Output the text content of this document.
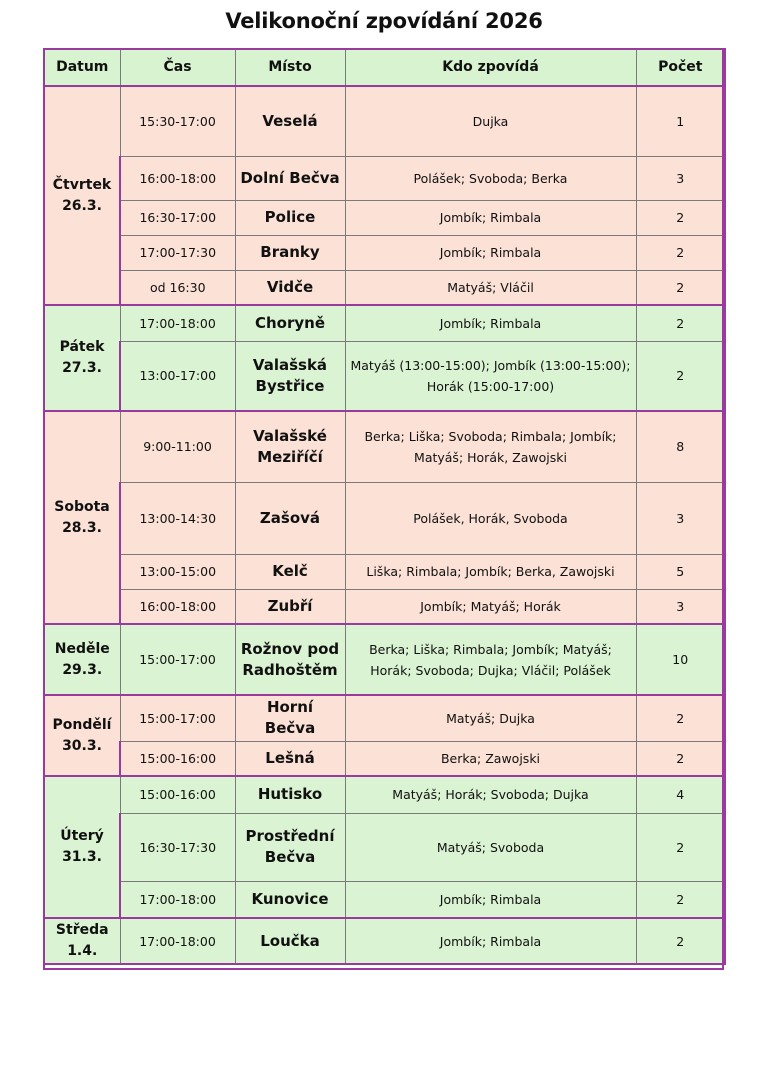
Velikonoční zpovídání 2026
Datum	Čas	Místo	Kdo zpovídá	Počet

Čtvrtek
26.3.	15:30-17:00	Veselá	Dujka	1
	16:00-18:00	Dolní Bečva	Polášek; Svoboda; Berka	3
	16:30-17:00	Police	Jombík; Rimbala	2
	17:00-17:30	Branky	Jombík; Rimbala	2
	od 16:30	Vidče	Matyáš; Vláčil	2

Pátek
27.3.	17:00-18:00	Choryně	Jombík; Rimbala	2
	13:00-17:00	Valašská Bystřice	Matyáš (13:00-15:00); Jombík (13:00-15:00); Horák (15:00-17:00)	2

Sobota
28.3.	9:00-11:00	Valašské Meziříčí	Berka; Liška; Svoboda; Rimbala; Jombík; Matyáš; Horák, Zawojski	8
	13:00-14:30	Zašová	Polášek, Horák, Svoboda	3
	13:00-15:00	Kelč	Liška; Rimbala; Jombík; Berka, Zawojski	5
	16:00-18:00	Zubří	Jombík; Matyáš; Horák	3

Neděle
29.3.	15:00-17:00	Rožnov pod Radhoštěm	Berka; Liška; Rimbala; Jombík; Matyáš; Horák; Svoboda; Dujka; Vláčil; Polášek	10

Pondělí
30.3.	15:00-17:00	Horní Bečva	Matyáš; Dujka	2
	15:00-16:00	Lešná	Berka; Zawojski	2

Úterý
31.3.	15:00-16:00	Hutisko	Matyáš; Horák; Svoboda; Dujka	4
	16:30-17:30	Prostřední Bečva	Matyáš; Svoboda	2
	17:00-18:00	Kunovice	Jombík; Rimbala	2

Středa
1.4.	17:00-18:00	Loučka	Jombík; Rimbala	2
